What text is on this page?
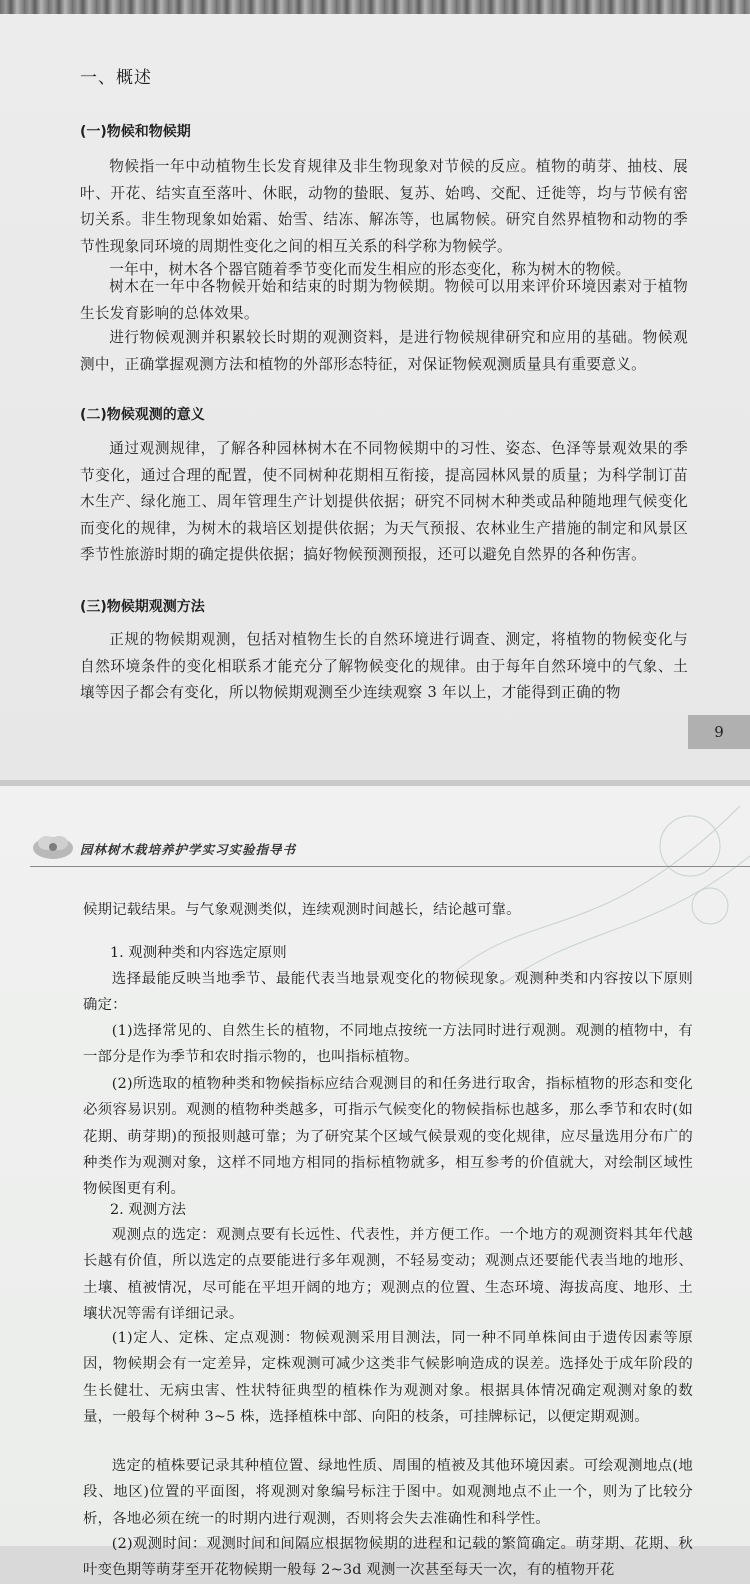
一、概述
(一)物候和物候期

物候指一年中动植物生长发育规律及非生物现象对节候的反应。植物的萌芽、抽枝、展叶、开花、结实直至落叶、休眠，动物的蛰眠、复苏、始鸣、交配、迁徙等，均与节候有密切关系。非生物现象如始霜、始雪、结冻、解冻等，也属物候。研究自然界植物和动物的季节性现象同环境的周期性变化之间的相互关系的科学称为物候学。

一年中，树木各个器官随着季节变化而发生相应的形态变化，称为树木的物候。

树木在一年中各物候开始和结束的时期为物候期。物候可以用来评价环境因素对于植物生长发育影响的总体效果。

进行物候观测并积累较长时期的观测资料，是进行物候规律研究和应用的基础。物候观测中，正确掌握观测方法和植物的外部形态特征，对保证物候观测质量具有重要意义。

(二)物候观测的意义

通过观测规律，了解各种园林树木在不同物候期中的习性、姿态、色泽等景观效果的季节变化，通过合理的配置，使不同树种花期相互衔接，提高园林风景的质量；为科学制订苗木生产、绿化施工、周年管理生产计划提供依据；研究不同树木种类或品种随地理气候变化而变化的规律，为树木的栽培区划提供依据；为天气预报、农林业生产措施的制定和风景区季节性旅游时期的确定提供依据；搞好物候预测预报，还可以避免自然界的各种伤害。

(三)物候期观测方法

正规的物候期观测，包括对植物生长的自然环境进行调查、测定，将植物的物候变化与自然环境条件的变化相联系才能充分了解物候变化的规律。由于每年自然环境中的气象、土壤等因子都会有变化，所以物候期观测至少连续观察 3 年以上，才能得到正确的物

9
园林树木栽培养护学实习实验指导书

候期记载结果。与气象观测类似，连续观测时间越长，结论越可靠。

1. 观测种类和内容选定原则

选择最能反映当地季节、最能代表当地景观变化的物候现象。观测种类和内容按以下原则确定：

(1)选择常见的、自然生长的植物，不同地点按统一方法同时进行观测。观测的植物中，有一部分是作为季节和农时指示物的，也叫指标植物。

(2)所选取的植物种类和物候指标应结合观测目的和任务进行取舍，指标植物的形态和变化必须容易识别。观测的植物种类越多，可指示气候变化的物候指标也越多，那么季节和农时(如花期、萌芽期)的预报则越可靠；为了研究某个区域气候景观的变化规律，应尽量选用分布广的种类作为观测对象，这样不同地方相同的指标植物就多，相互参考的价值就大，对绘制区域性物候图更有利。

2. 观测方法

观测点的选定：观测点要有长远性、代表性，并方便工作。一个地方的观测资料其年代越长越有价值，所以选定的点要能进行多年观测，不轻易变动；观测点还要能代表当地的地形、土壤、植被情况，尽可能在平坦开阔的地方；观测点的位置、生态环境、海拔高度、地形、土壤状况等需有详细记录。

(1)定人、定株、定点观测：物候观测采用目测法，同一种不同单株间由于遗传因素等原因，物候期会有一定差异，定株观测可减少这类非气候影响造成的误差。选择处于成年阶段的生长健壮、无病虫害、性状特征典型的植株作为观测对象。根据具体情况确定观测对象的数量，一般每个树种 3~5 株，选择植株中部、向阳的枝条，可挂牌标记，以便定期观测。

选定的植株要记录其种植位置、绿地性质、周围的植被及其他环境因素。可绘观测地点(地段、地区)位置的平面图，将观测对象编号标注于图中。如观测地点不止一个，则为了比较分析，各地必须在统一的时期内进行观测，否则将会失去准确性和科学性。

(2)观测时间：观测时间和间隔应根据物候期的进程和记载的繁简确定。萌芽期、花期、秋叶变色期等萌芽至开花物候期一般每 2~3d 观测一次甚至每天一次，有的植物开花
